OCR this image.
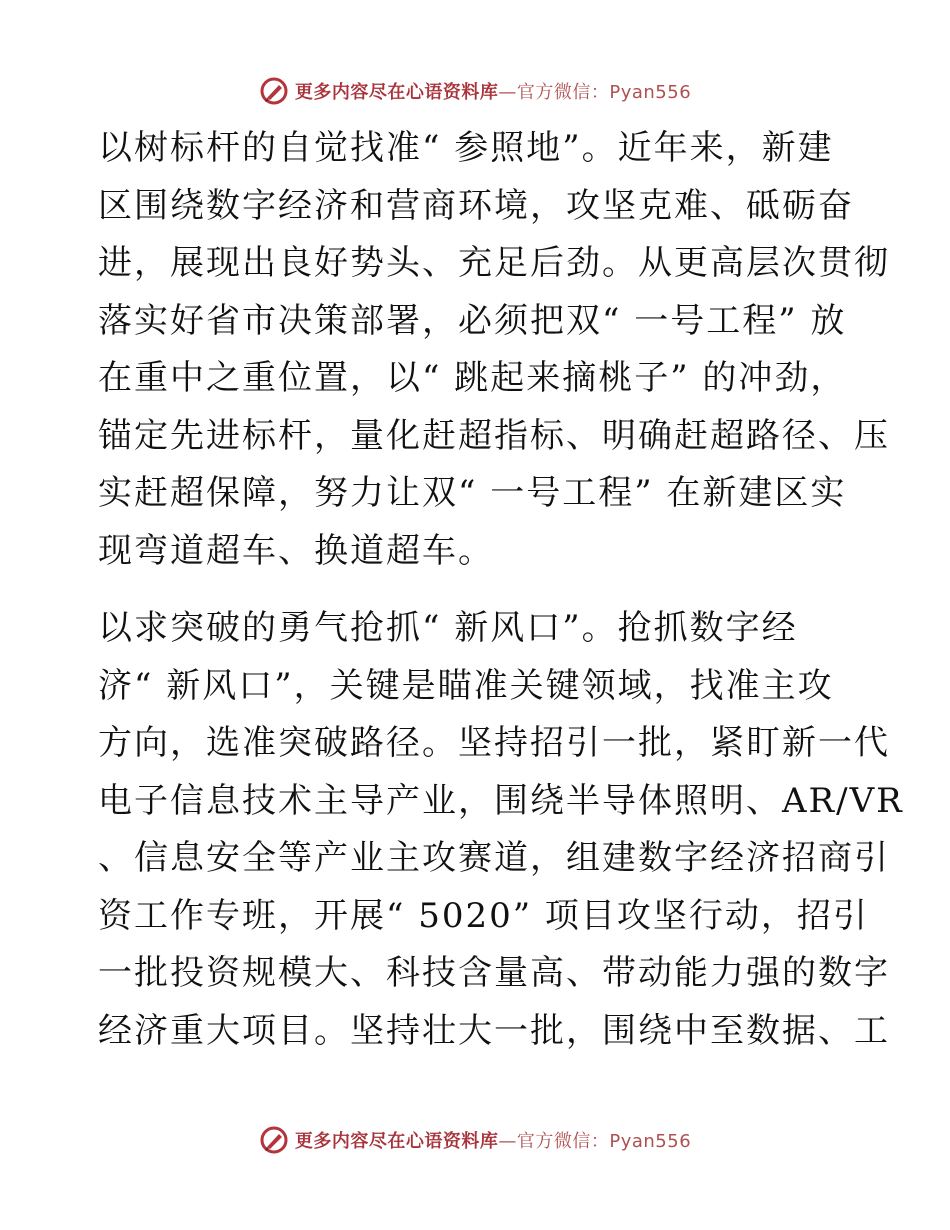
更多内容尽在心语资料库—官方微信：Pyan556
以树标杆的自觉找准“ 参照地”。近年来，新建
区围绕数字经济和营商环境，攻坚克难、砥砺奋
进，展现出良好势头、充足后劲。从更高层次贯彻
落实好省市决策部署，必须把双“ 一号工程” 放
在重中之重位置，以“ 跳起来摘桃子” 的冲劲，
锚定先进标杆，量化赶超指标、明确赶超路径、压
实赶超保障，努力让双“ 一号工程” 在新建区实
现弯道超车、换道超车。
以求突破的勇气抢抓“ 新风口”。抢抓数字经
济“ 新风口”，关键是瞄准关键领域，找准主攻
方向，选准突破路径。坚持招引一批，紧盯新一代
电子信息技术主导产业，围绕半导体照明、AR/VR
、信息安全等产业主攻赛道，组建数字经济招商引
资工作专班，开展“ 5020” 项目攻坚行动，招引
一批投资规模大、科技含量高、带动能力强的数字
经济重大项目。坚持壮大一批，围绕中至数据、工
更多内容尽在心语资料库—官方微信：Pyan556
